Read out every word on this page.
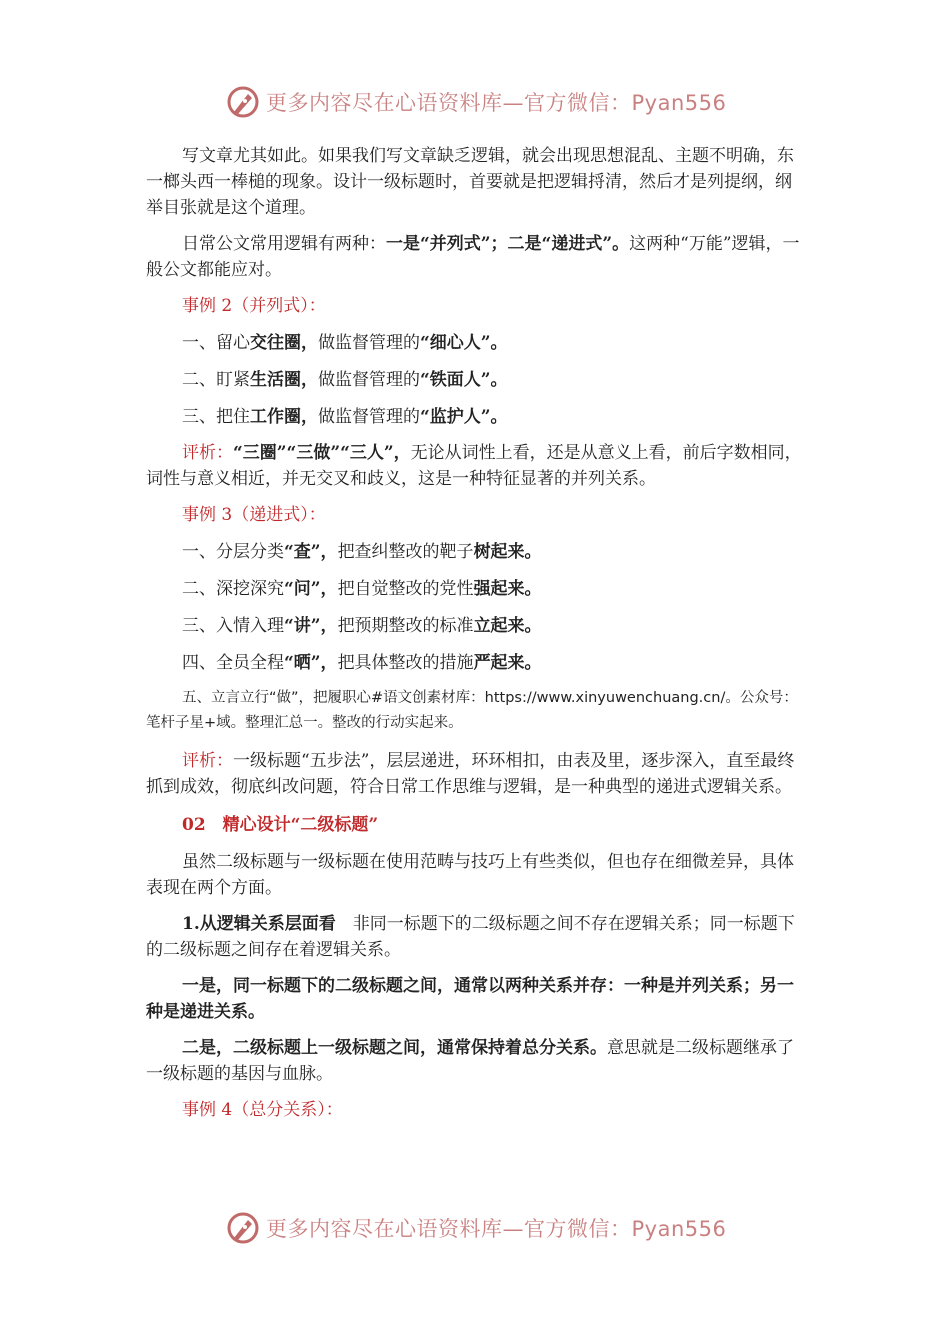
更多内容尽在心语资料库—官方微信：Pyan556

写文章尤其如此。如果我们写文章缺乏逻辑，就会出现思想混乱、主题不明确，东一榔头西一棒槌的现象。设计一级标题时，首要就是把逻辑捋清，然后才是列提纲，纲举目张就是这个道理。

日常公文常用逻辑有两种：一是“并列式”；二是“递进式”。这两种“万能”逻辑，一般公文都能应对。

事例 2（并列式）：

一、留心交往圈，做监督管理的“细心人”。

二、盯紧生活圈，做监督管理的“铁面人”。

三、把住工作圈，做监督管理的“监护人”。

评析：“三圈”“三做”“三人”，无论从词性上看，还是从意义上看，前后字数相同，词性与意义相近，并无交叉和歧义，这是一种特征显著的并列关系。

事例 3（递进式）：

一、分层分类“查”，把查纠整改的靶子树起来。

二、深挖深究“问”，把自觉整改的党性强起来。

三、入情入理“讲”，把预期整改的标准立起来。

四、全员全程“晒”，把具体整改的措施严起来。

五、立言立行“做”，把履职心#语文创素材库：https://www.xinyuwenchuang.cn/。公众号：笔杆子星+域。整理汇总一。整改的行动实起来。

评析：一级标题“五步法”，层层递进，环环相扣，由表及里，逐步深入，直至最终抓到成效，彻底纠改问题，符合日常工作思维与逻辑，是一种典型的递进式逻辑关系。

02　精心设计“二级标题”

虽然二级标题与一级标题在使用范畴与技巧上有些类似，但也存在细微差异，具体表现在两个方面。

1.从逻辑关系层面看　非同一标题下的二级标题之间不存在逻辑关系；同一标题下的二级标题之间存在着逻辑关系。

一是，同一标题下的二级标题之间，通常以两种关系并存：一种是并列关系；另一种是递进关系。

二是，二级标题上一级标题之间，通常保持着总分关系。意思就是二级标题继承了一级标题的基因与血脉。

事例 4（总分关系）：

更多内容尽在心语资料库—官方微信：Pyan556
